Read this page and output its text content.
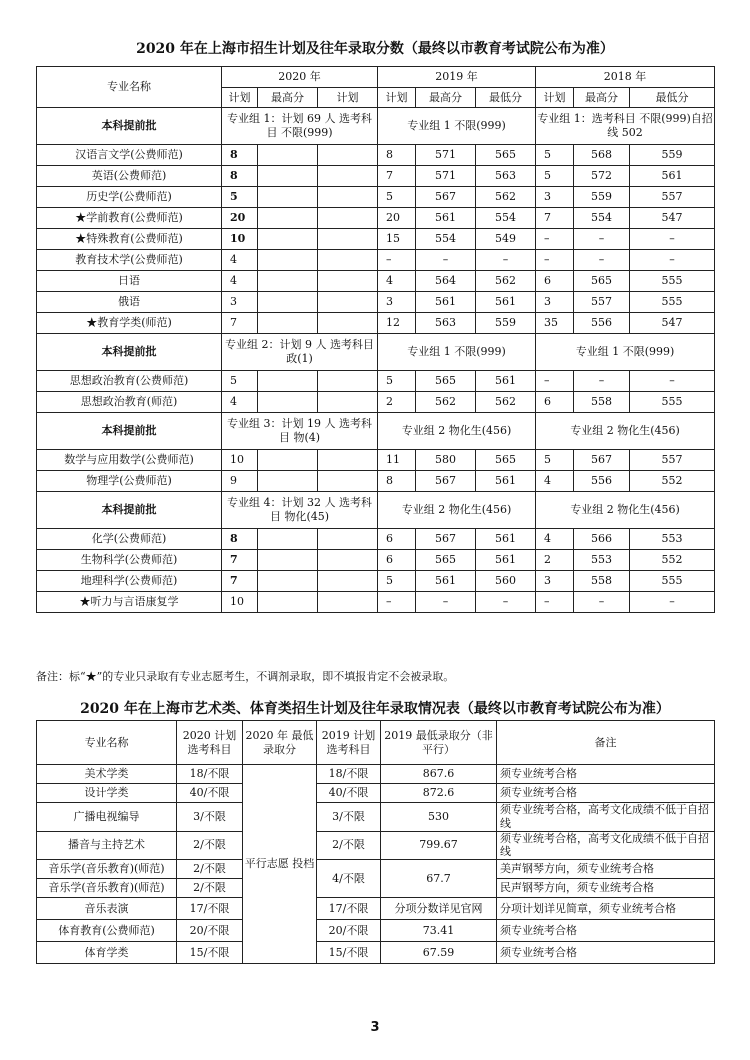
2020 年在上海市招生计划及往年录取分数（最终以市教育考试院公布为准）
专业名称	2020 年			2019 年			2018 年		
	计划	最高分	计划	计划	最高分	最低分	计划	最高分	最低分
本科提前批	专业组 1：计划 69 人 选考科目 不限(999)			专业组 1 不限(999)			专业组 1：选考科目 不限(999)自招线 502		
汉语言文学(公费师范)	8			8	571	565	5	568	559
英语(公费师范)	8			7	571	563	5	572	561
历史学(公费师范)	5			5	567	562	3	559	557
★学前教育(公费师范)	20			20	561	554	7	554	547
★特殊教育(公费师范)	10			15	554	549	–	–	–
教育技术学(公费师范)	4			–	–	–	–	–	–
日语	4			4	564	562	6	565	555
俄语	3			3	561	561	3	557	555
★教育学类(师范)	7			12	563	559	35	556	547
本科提前批	专业组 2：计划 9 人 选考科目 政(1)			专业组 1 不限(999)			专业组 1 不限(999)		
思想政治教育(公费师范)	5			5	565	561	–	–	–
思想政治教育(师范)	4			2	562	562	6	558	555
本科提前批	专业组 3：计划 19 人 选考科目 物(4)			专业组 2 物化生(456)			专业组 2 物化生(456)		
数学与应用数学(公费师范)	10			11	580	565	5	567	557
物理学(公费师范)	9			8	567	561	4	556	552
本科提前批	专业组 4：计划 32 人 选考科目 物化(45)			专业组 2 物化生(456)			专业组 2 物化生(456)		
化学(公费师范)	8			6	567	561	4	566	553
生物科学(公费师范)	7			6	565	561	2	553	552
地理科学(公费师范)	7			5	561	560	3	558	555
★听力与言语康复学	10			–	–	–	–	–	–
备注：标“★”的专业只录取有专业志愿考生，不调剂录取，即不填报肯定不会被录取。
2020 年在上海市艺术类、体育类招生计划及往年录取情况表（最终以市教育考试院公布为准）
专业名称	2020 计划 选考科目	2020 年 最低录取分	2019 计划 选考科目	2019 最低录取分（非平行）	备注
美术学类	18/不限	平行志愿 投档	18/不限	867.6	须专业统考合格
设计学类	40/不限		40/不限	872.6	须专业统考合格
广播电视编导	3/不限		3/不限	530	须专业统考合格，高考文化成绩不低于自招线
播音与主持艺术	2/不限		2/不限	799.67	须专业统考合格，高考文化成绩不低于自招线
音乐学(音乐教育)(师范)	2/不限		4/不限	67.7	美声钢琴方向，须专业统考合格
音乐学(音乐教育)(师范)	2/不限				民声钢琴方向，须专业统考合格
音乐表演	17/不限		17/不限	分项分数详见官网	分项计划详见简章，须专业统考合格
体育教育(公费师范)	20/不限		20/不限	73.41	须专业统考合格
体育学类	15/不限		15/不限	67.59	须专业统考合格
3
